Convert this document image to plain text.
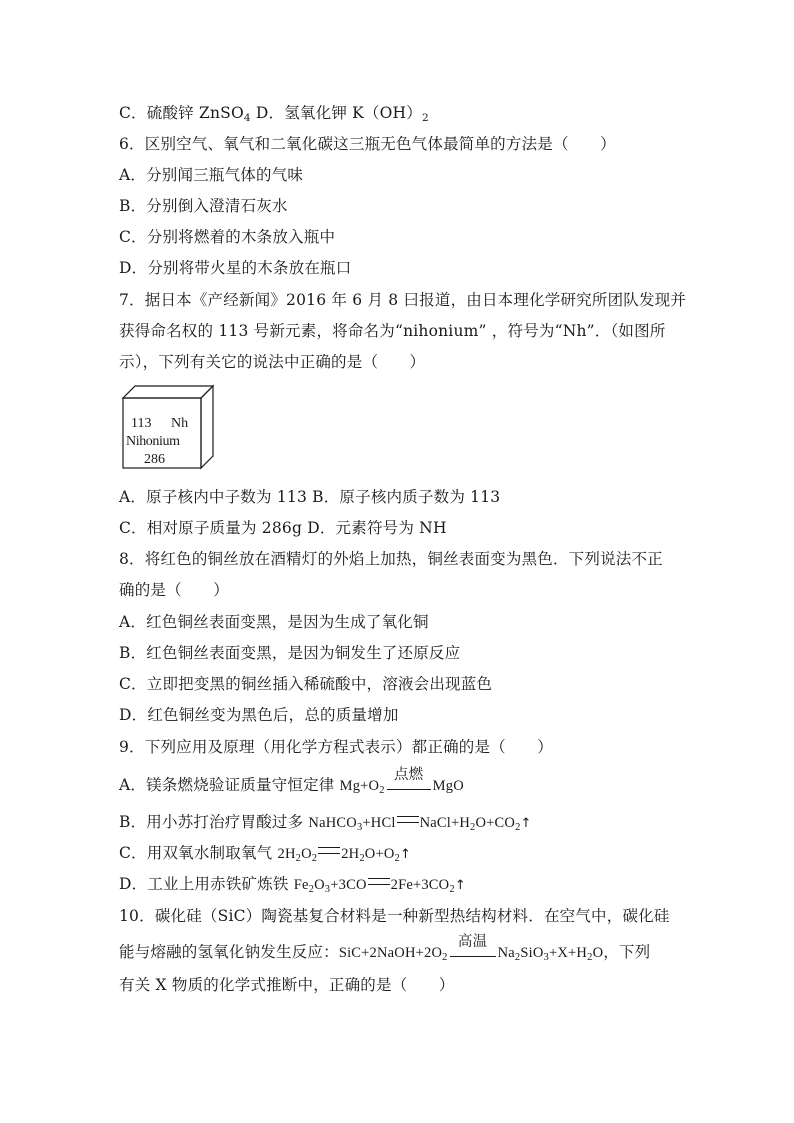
C．硫酸锌 ZnSO$_4$ D．氢氧化钾 $K(OH)_2$
6．区别空气、氧气和二氧化碳这三瓶无色气体最简单的方法是（　　）
A．分别闻三瓶气体的气味
B．分别倒入澄清石灰水
C．分别将燃着的木条放入瓶中
D．分别将带火星的木条放在瓶口
7．据日本《产经新闻》2016 年 6 月 8 曰报道，由日本理化学研究所团队发现并
获得命名权的 113 号新元素，将命名为“nihonium” ，符号为“Nh”．（如图所
示），下列有关它的说法中正确的是（　　）
113 Nh
Nihonium
286
A．原子核内中子数为 113 B．原子核内质子数为 113
C．相对原子质量为 286g D．元素符号为 NH
8．将红色的铜丝放在酒精灯的外焰上加热，铜丝表面变为黑色．下列说法不正
确的是（　　）
A．红色铜丝表面变黑，是因为生成了氧化铜
B．红色铜丝表面变黑，是因为铜发生了还原反应
C．立即把变黑的铜丝插入稀硫酸中，溶液会出现蓝色
D．红色铜丝变为黑色后，总的质量增加
9．下列应用及原理（用化学方程式表示）都正确的是（　　）
A．镁条燃烧验证质量守恒定律 $Mg+O_2$
点燃
MgO
B．用小苏打治疗胃酸过多 NaHCO$_3$+HCl $NaCl+H_2O+CO_2↑$
C．用双氧水制取氧气 $2H_2O_2$ $2H_2O+O_2↑$
D．工业上用赤铁矿炼铁 $Fe_2O_3+3CO$ $2Fe+3CO_2↑$
10．碳化硅（SiC）陶瓷基复合材料是一种新型热结构材料．在空气中，碳化硅
能与熔融的氢氧化钠发生反应：$SiC+2NaOH+2O_2$
高温
$Na_2SiO_3+X+H_2O$，下列
有关 X 物质的化学式推断中，正确的是（　　）
